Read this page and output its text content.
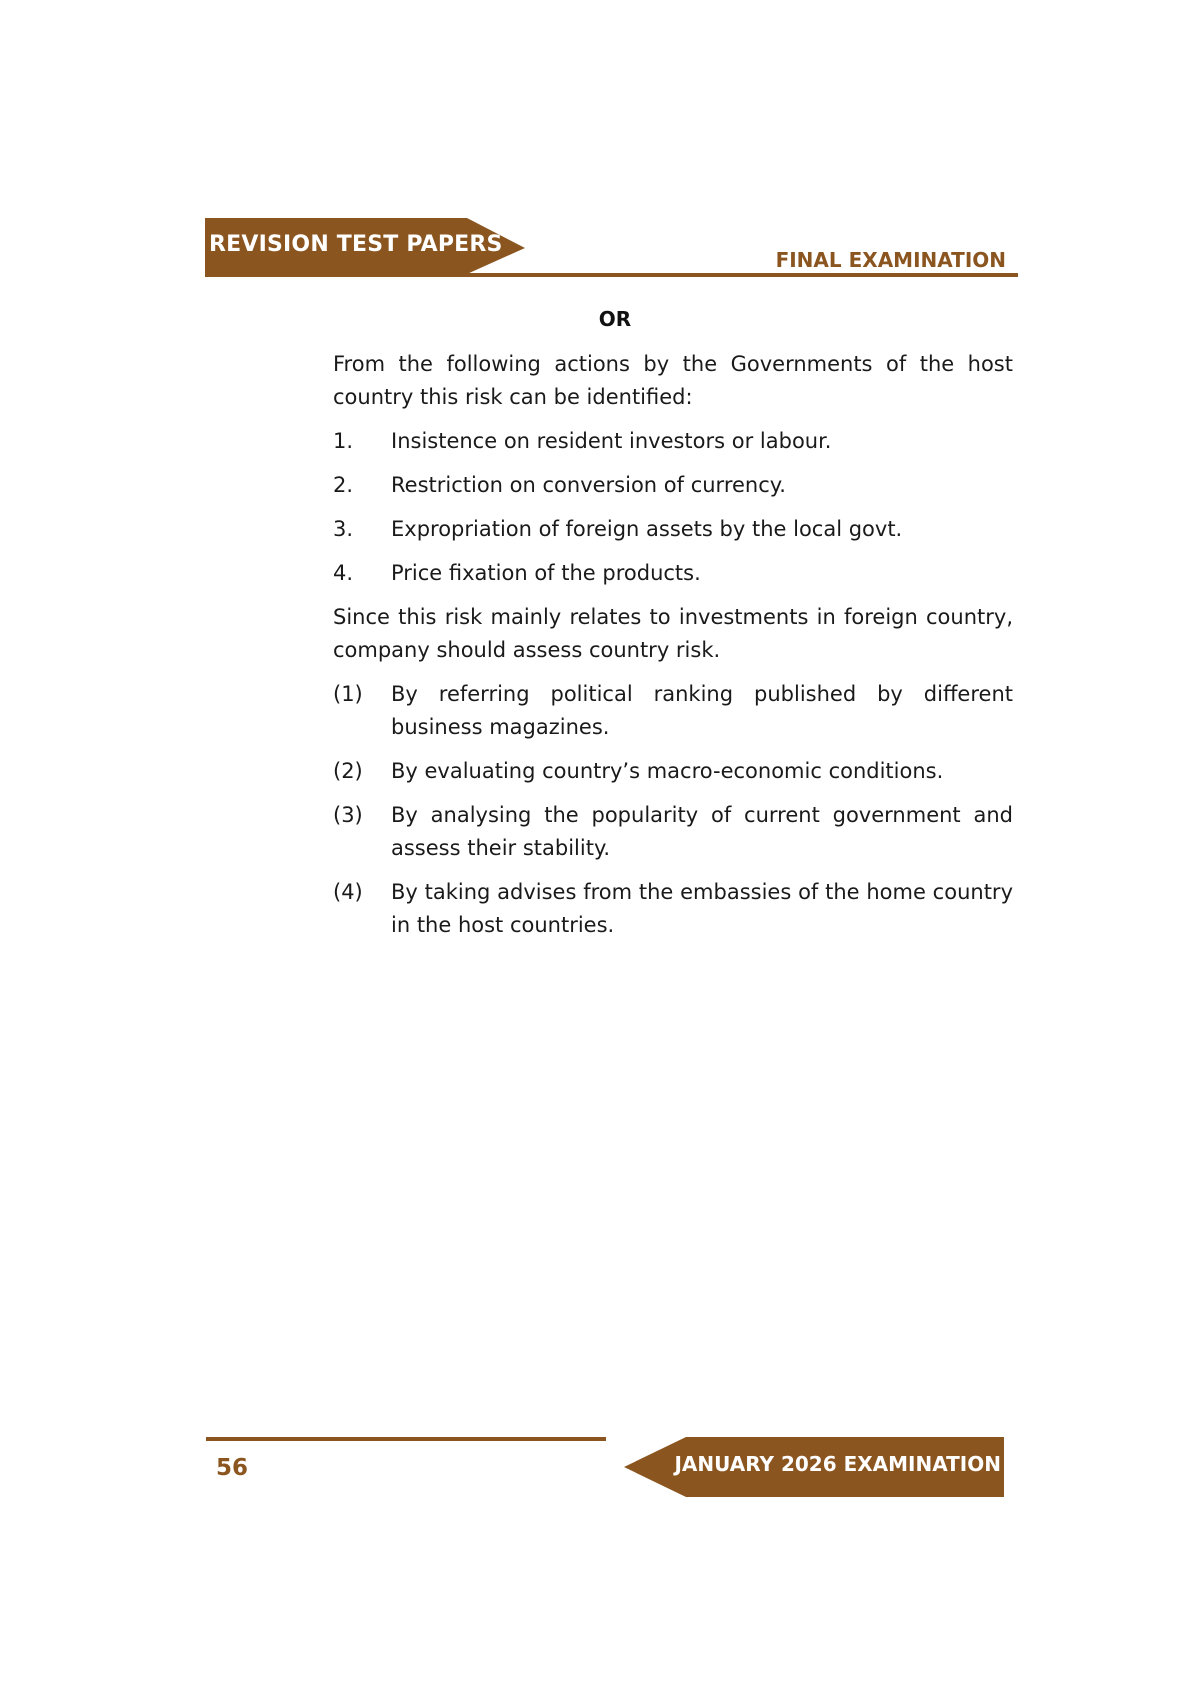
REVISION TEST PAPERS
FINAL EXAMINATION
OR

From the following actions by the Governments of the host country this risk can be identified:

1.	Insistence on resident investors or labour.
2.	Restriction on conversion of currency.
3.	Expropriation of foreign assets by the local govt.
4.	Price fixation of the products.

Since this risk mainly relates to investments in foreign country, company should assess country risk.

(1)	By referring political ranking published by different business magazines.
(2)	By evaluating country’s macro-economic conditions.
(3)	By analysing the popularity of current government and assess their stability.
(4)	By taking advises from the embassies of the home country in the host countries.
56	JANUARY 2026 EXAMINATION
